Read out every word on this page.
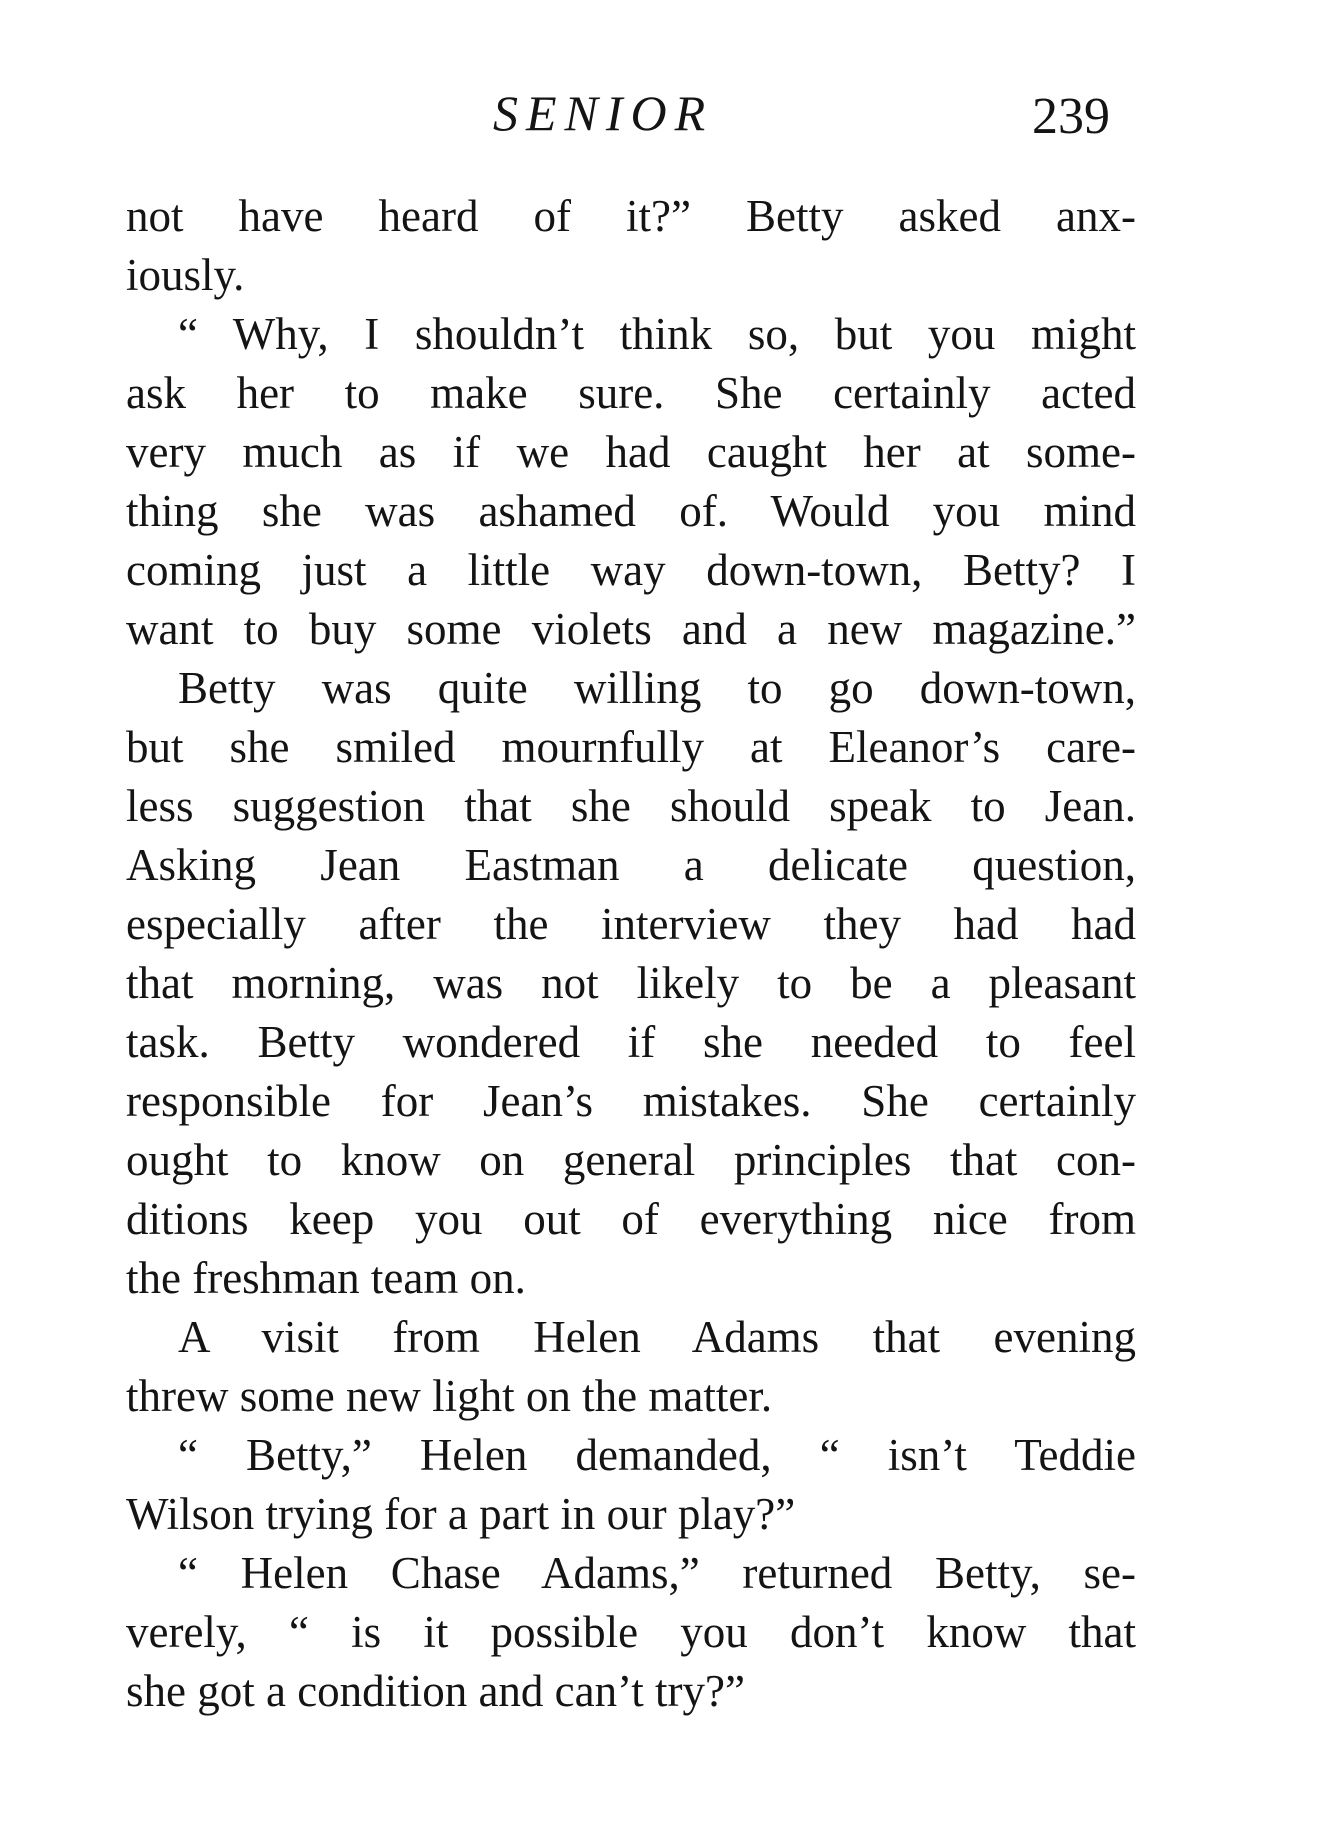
SENIOR	239
not have heard of it?” Betty asked anx-
iously.
“ Why, I shouldn’t think so, but you might
ask her to make sure. She certainly acted
very much as if we had caught her at some-
thing she was ashamed of. Would you mind
coming just a little way down-town, Betty? I
want to buy some violets and a new magazine.”
Betty was quite willing to go down-town,
but she smiled mournfully at Eleanor’s care-
less suggestion that she should speak to Jean.
Asking Jean Eastman a delicate question,
especially after the interview they had had
that morning, was not likely to be a pleasant
task. Betty wondered if she needed to feel
responsible for Jean’s mistakes. She certainly
ought to know on general principles that con-
ditions keep you out of everything nice from
the freshman team on.
A visit from Helen Adams that evening
threw some new light on the matter.
“ Betty,” Helen demanded, “ isn’t Teddie
Wilson trying for a part in our play?”
“ Helen Chase Adams,” returned Betty, se-
verely, “ is it possible you don’t know that
she got a condition and can’t try?”
